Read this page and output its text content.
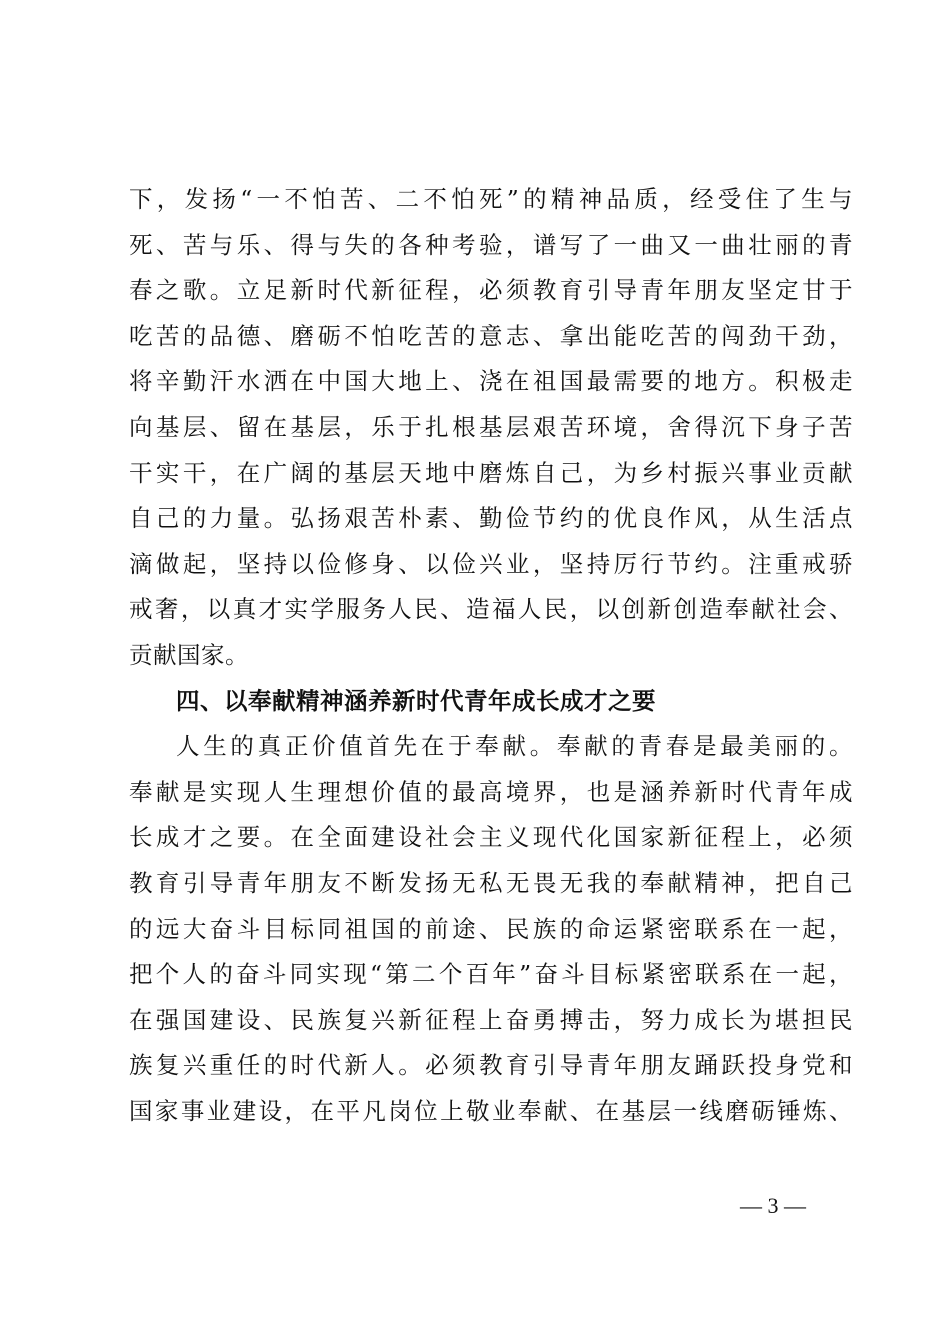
下，发扬“一不怕苦、二不怕死”的精神品质，经受住了生与
死、苦与乐、得与失的各种考验，谱写了一曲又一曲壮丽的青
春之歌。立足新时代新征程，必须教育引导青年朋友坚定甘于
吃苦的品德、磨砺不怕吃苦的意志、拿出能吃苦的闯劲干劲，
将辛勤汗水洒在中国大地上、浇在祖国最需要的地方。积极走
向基层、留在基层，乐于扎根基层艰苦环境，舍得沉下身子苦
干实干，在广阔的基层天地中磨炼自己，为乡村振兴事业贡献
自己的力量。弘扬艰苦朴素、勤俭节约的优良作风，从生活点
滴做起，坚持以俭修身、以俭兴业，坚持厉行节约。注重戒骄
戒奢，以真才实学服务人民、造福人民，以创新创造奉献社会、
贡献国家。
四、以奉献精神涵养新时代青年成长成才之要
人生的真正价值首先在于奉献。奉献的青春是最美丽的。
奉献是实现人生理想价值的最高境界，也是涵养新时代青年成
长成才之要。在全面建设社会主义现代化国家新征程上，必须
教育引导青年朋友不断发扬无私无畏无我的奉献精神，把自己
的远大奋斗目标同祖国的前途、民族的命运紧密联系在一起，
把个人的奋斗同实现“第二个百年”奋斗目标紧密联系在一起，
在强国建设、民族复兴新征程上奋勇搏击，努力成长为堪担民
族复兴重任的时代新人。必须教育引导青年朋友踊跃投身党和
国家事业建设，在平凡岗位上敬业奉献、在基层一线磨砺锤炼、
— 3 —
